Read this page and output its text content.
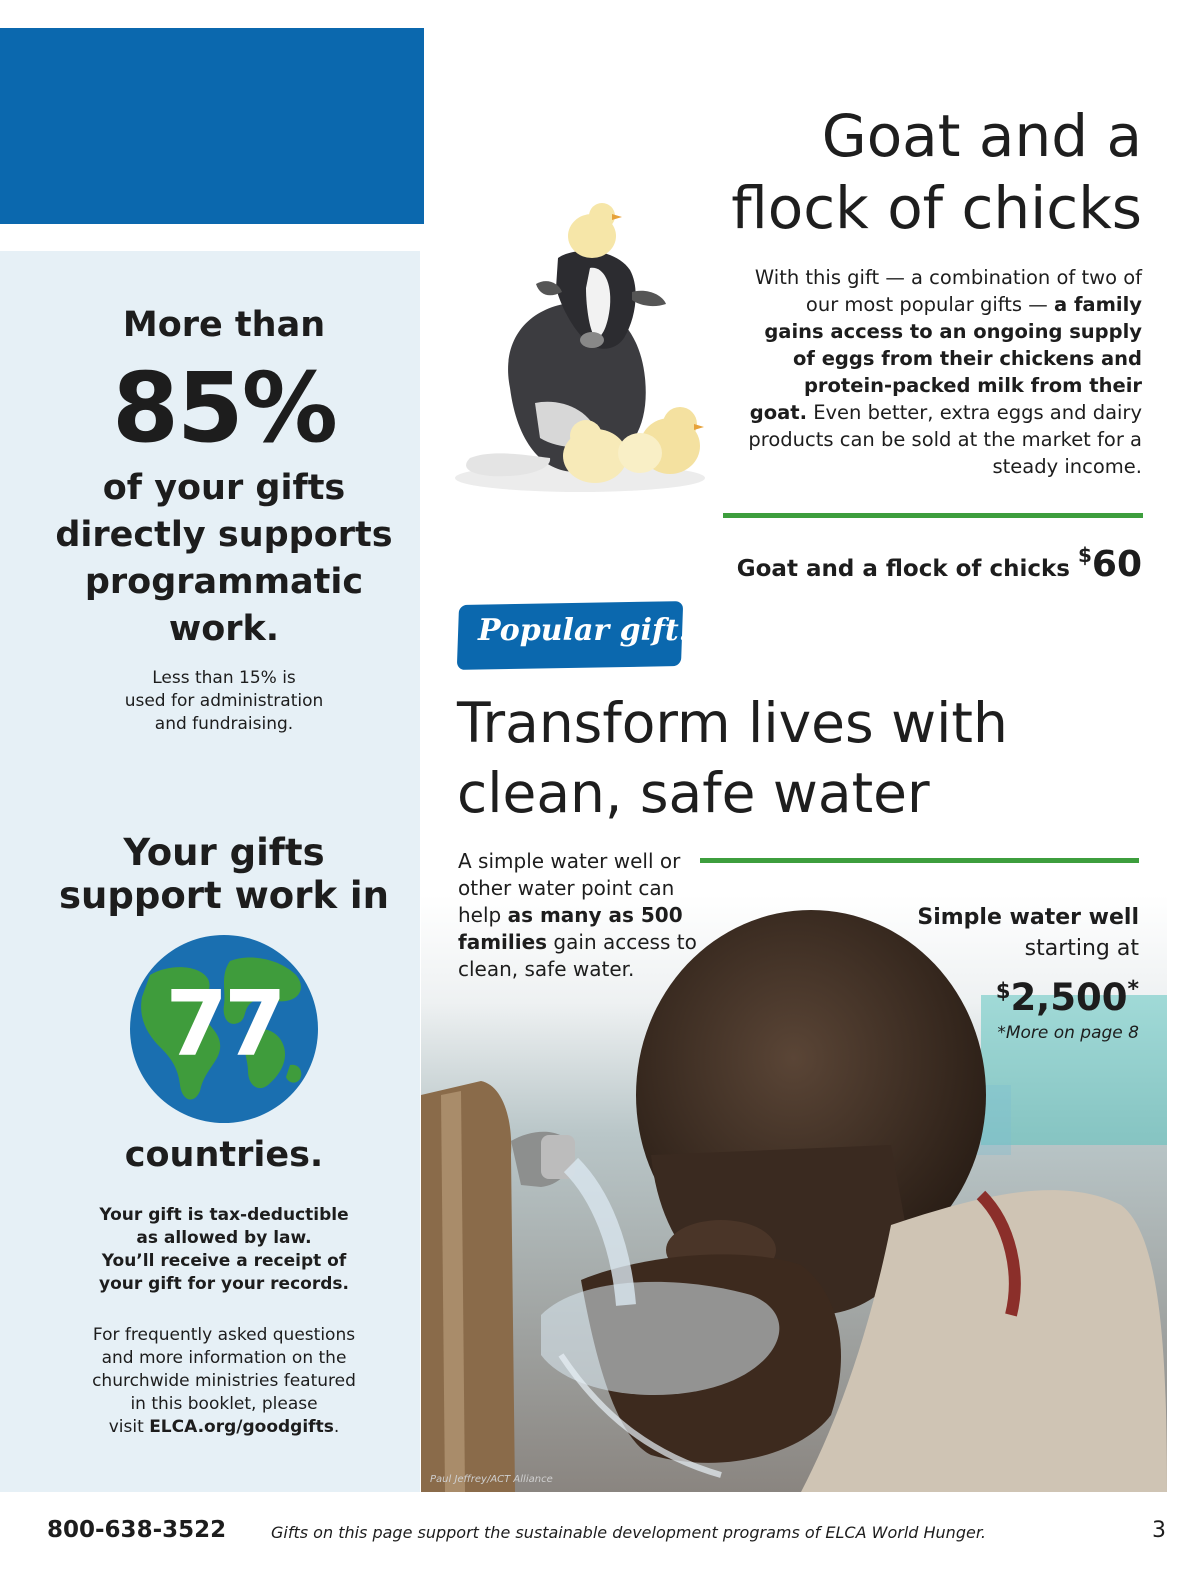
More than
85%
of your gifts
directly supports
programmatic
work.
Less than 15% is
used for administration
and fundraising.
Your gifts
support work in
77
countries.
Your gift is tax-deductible
as allowed by law.
You’ll receive a receipt of
your gift for your records.
For frequently asked questions
and more information on the
churchwide ministries featured
in this booklet, please
visit ELCA.org/goodgifts.
Goat and a
flock of chicks
With this gift — a combination of two of our most popular gifts — a family gains access to an ongoing supply of eggs from their chickens and protein-packed milk from their goat. Even better, extra eggs and dairy products can be sold at the market for a steady income.
Goat and a flock of chicks$60
Popular gift!
Transform lives with
clean, safe water
A simple water well or other water point can help as many as 500 families gain access to clean, safe water.
Simple water well
starting at
$2,500*
*More on page 8
Paul Jeffrey/ACT Alliance
800-638-3522	Gifts on this page support the sustainable development programs of ELCA World Hunger.	3
